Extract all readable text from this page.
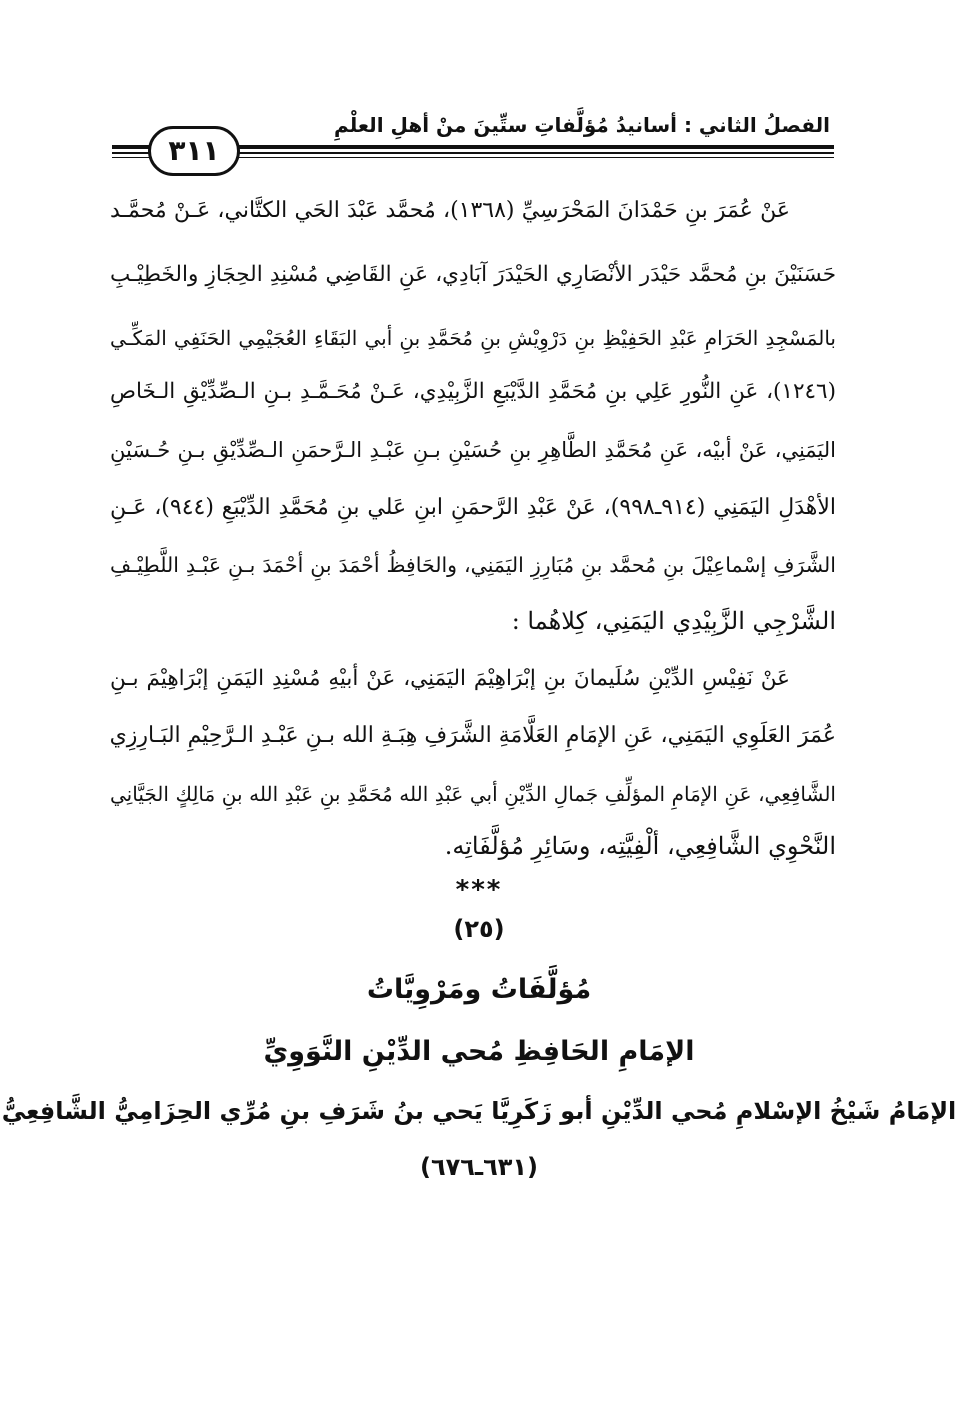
الفصلُ الثاني : أسانيدُ مُؤلَّفاتِ ستِّينَ منْ أهلِ العلْمِ
٣١١
عَنْ عُمَرَ بنِ حَمْدَانَ المَحْرَسِيِّ (١٣٦٨)، مُحمَّد عَبْدَ الحَي الكتَّاني، عَـنْ مُحمَّـد
حَسَنَيْنَ بنِ مُحمَّد حَيْدَر الأنْصَارِي الحَيْدَرَ آبَادِي، عَنِ القَاضِي مُسْنِدِ الحِجَازِ والخَطِيْـبِ
بالمَسْجِدِ الحَرَامِ عَبْدِ الحَفِيْظِ بنِ دَرْوِيْشِ بنِ مُحَمَّدِ بنِ أبي البَقَاءِ العُجَيْمِي الحَنَفِي المَكِّـي
(١٢٤٦)، عَنِ النُّورِ عَلِي بنِ مُحَمَّدِ الدَّيْبَعِ الزَّبِيْدِي، عَـنْ مُحَـمَّـدِ بـنِ الـصِّدِّيْقِ الـخَاصِ
اليَمَنِي، عَنْ أبيْه، عَنِ مُحَمَّدِ الطَّاهِرِ بنِ حُسَيْنِ بـنِ عَبْـدِ الـرَّحمَنِ الـصِّدِّيْقِ بـنِ حُـسَيْنِ
الأهْدَلِ اليَمَنِي (٩١٤ـ٩٩٨)، عَنْ عَبْدِ الرَّحمَنِ ابنِ عَلي بنِ مُحَمَّدِ الدِّيْبَعِ (٩٤٤)، عَـنِ
الشَّرَفِ إسْماعِيْلَ بنِ مُحمَّد بنِ مُبَارِزِ اليَمَنِي، والحَافِظُ أحْمَدَ بنِ أحْمَدَ بـنِ عَبْـدِ اللَّطِيْـفِ
الشَّرْجِي الزَّبِيْدِي اليَمَنِي، كِلاهُما :
عَنْ نَفِيْسِ الدِّيْنِ سُلَيمانَ بنِ إبْرَاهِيْمَ اليَمَنِي، عَنْ أبيْهِ مُسْنِدِ اليَمَنِ إبْرَاهِيْمَ بـنِ
عُمَرَ العَلَوِي اليَمَنِي، عَنِ الإمَامِ العَلَّامَةِ الشَّرَفِ هِبَـةِ الله بـنِ عَبْـدِ الـرَّحِيْمِ البَـارِزِي
الشَّافِعِي، عَنِ الإمَامِ المؤلِّفِ جَمالِ الدِّيْنِ أبي عَبْدِ الله مُحَمَّدِ بنِ عَبْدِ الله بنِ مَالِكٍ الجَيَّانِي
النَّحْوِي الشَّافِعِي، ألْفِيَّتِه، وسَائِرِ مُؤلَّفَاتِه.
***
(٢٥)
مُؤلَّفَاتُ ومَرْوِيَّاتُ
الإمَامِ الحَافِظِ مُحي الدِّيْنِ النَّوَوِيِّ
الإمَامُ شَيْخُ الإسْلامِ مُحي الدِّيْنِ أبو زَكَرِيَّا يَحي بنُ شَرَفِ بنِ مُرِّي الحِزَامِيُّ الشَّافِعِيُّ
(٦٣١ـ٦٧٦)
